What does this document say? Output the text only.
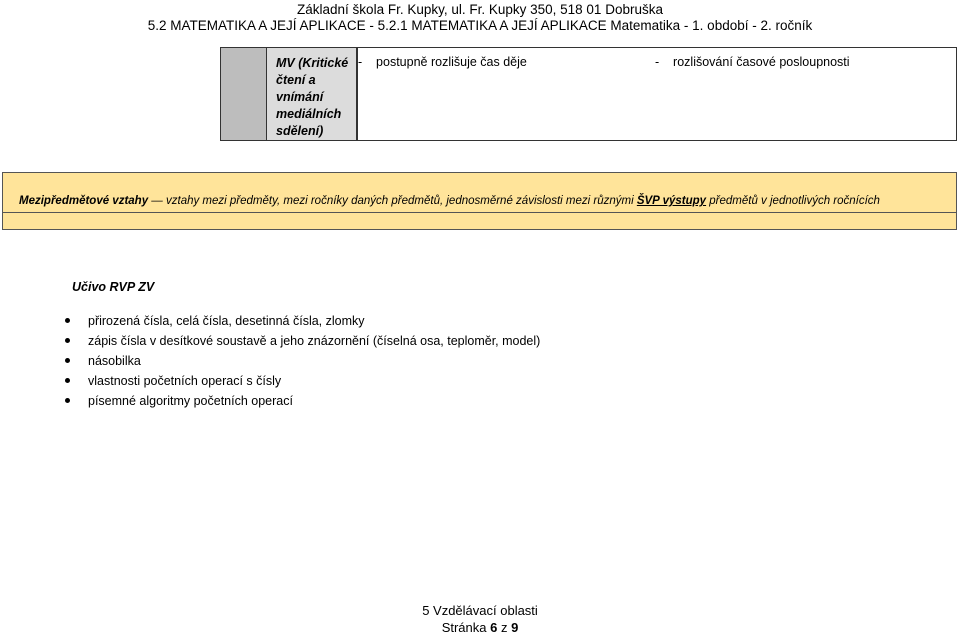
Základní škola Fr. Kupky, ul. Fr. Kupky 350, 518 01 Dobruška
5.2 MATEMATIKA A JEJÍ APLIKACE - 5.2.1 MATEMATIKA A JEJÍ APLIKACE Matematika - 1. období - 2. ročník
MV (Kritické
čtení a
vnímání
mediálních
sdělení)
-    postupně rozlišuje čas děje	-    rozlišování časové posloupnosti
Mezipředmětové vztahy — vztahy mezi předměty, mezi ročníky daných předmětů, jednosměrné závislosti mezi různými ŠVP výstupy předmětů v jednotlivých ročnících
Učivo RVP ZV
přirozená čísla, celá čísla, desetinná čísla, zlomky
zápis čísla v desítkové soustavě a jeho znázornění (číselná osa, teploměr, model)
násobilka
vlastnosti početních operací s čísly
písemné algoritmy početních operací
5 Vzdělávací oblasti
Stránka 6 z 9
